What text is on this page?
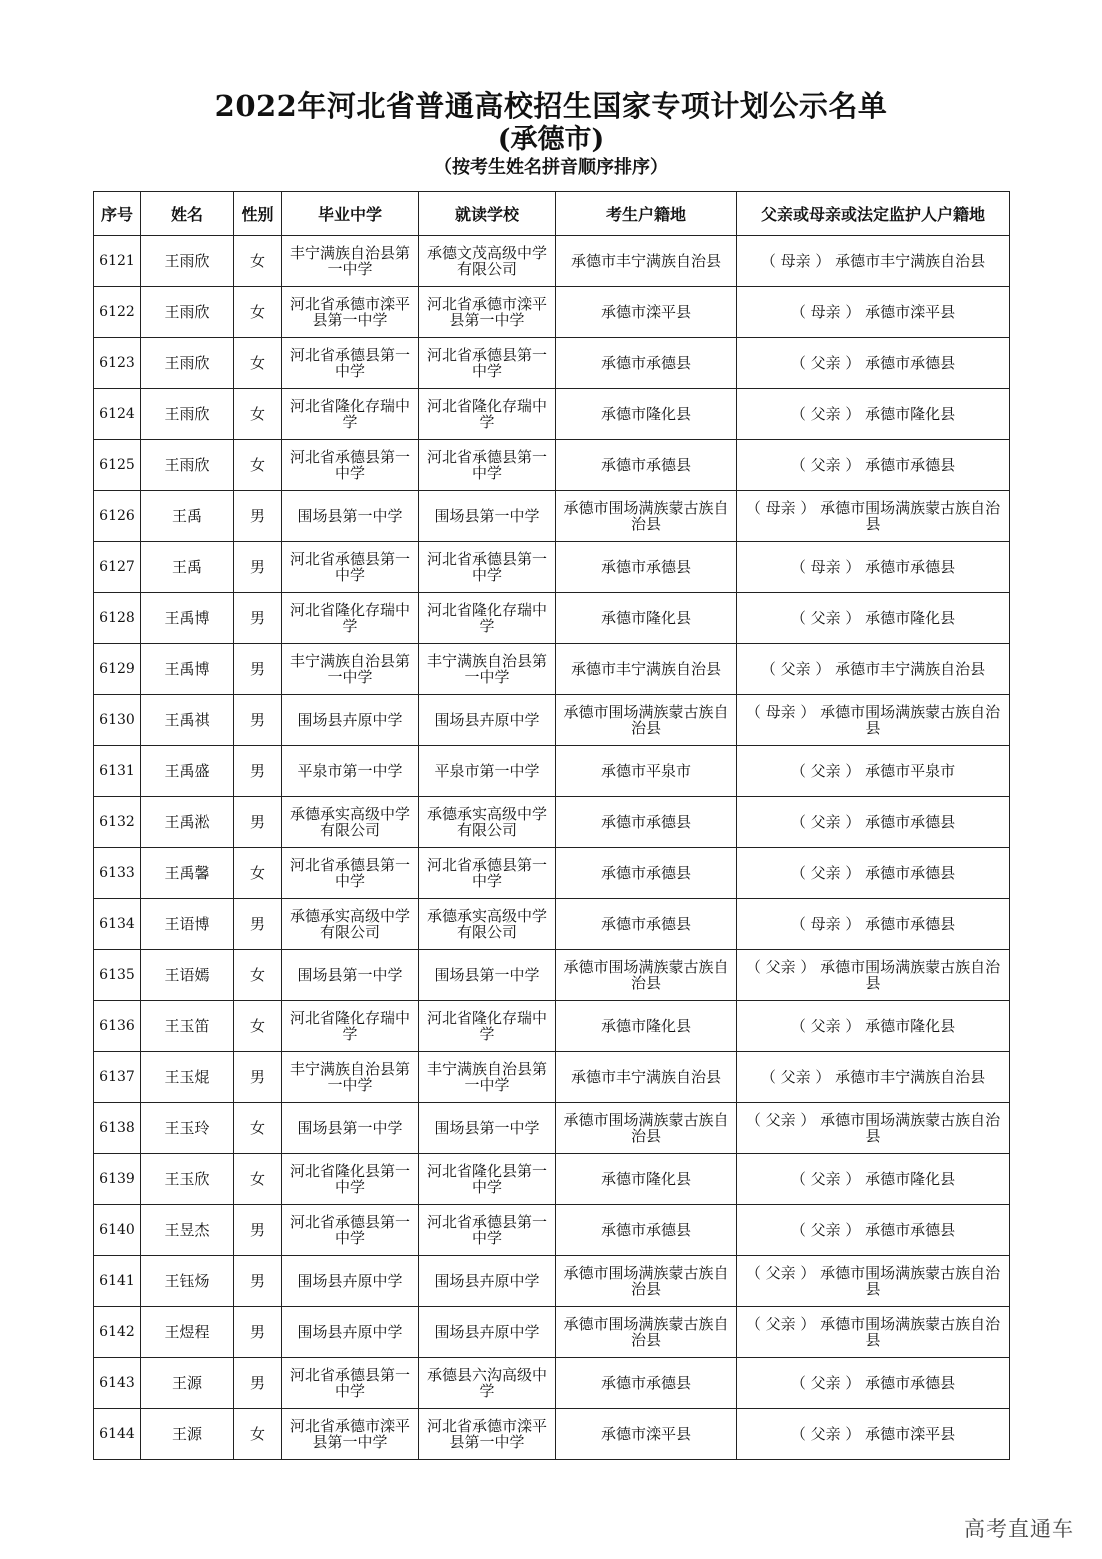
2022年河北省普通高校招生国家专项计划公示名单
(承德市)
（按考生姓名拼音顺序排序）
序号	姓名	性别	毕业中学	就读学校	考生户籍地	父亲或母亲或法定监护人户籍地
6121	王雨欣	女	丰宁满族自治县第一中学	承德文茂高级中学有限公司	承德市丰宁满族自治县	（ 母亲 ） 承德市丰宁满族自治县
6122	王雨欣	女	河北省承德市滦平县第一中学	河北省承德市滦平县第一中学	承德市滦平县	（ 母亲 ） 承德市滦平县
6123	王雨欣	女	河北省承德县第一中学	河北省承德县第一中学	承德市承德县	（ 父亲 ） 承德市承德县
6124	王雨欣	女	河北省隆化存瑞中学	河北省隆化存瑞中学	承德市隆化县	（ 父亲 ） 承德市隆化县
6125	王雨欣	女	河北省承德县第一中学	河北省承德县第一中学	承德市承德县	（ 父亲 ） 承德市承德县
6126	王禹	男	围场县第一中学	围场县第一中学	承德市围场满族蒙古族自治县	（ 母亲 ） 承德市围场满族蒙古族自治县
6127	王禹	男	河北省承德县第一中学	河北省承德县第一中学	承德市承德县	（ 母亲 ） 承德市承德县
6128	王禹博	男	河北省隆化存瑞中学	河北省隆化存瑞中学	承德市隆化县	（ 父亲 ） 承德市隆化县
6129	王禹博	男	丰宁满族自治县第一中学	丰宁满族自治县第一中学	承德市丰宁满族自治县	（ 父亲 ） 承德市丰宁满族自治县
6130	王禹祺	男	围场县卉原中学	围场县卉原中学	承德市围场满族蒙古族自治县	（ 母亲 ） 承德市围场满族蒙古族自治县
6131	王禹盛	男	平泉市第一中学	平泉市第一中学	承德市平泉市	（ 父亲 ） 承德市平泉市
6132	王禹淞	男	承德承实高级中学有限公司	承德承实高级中学有限公司	承德市承德县	（ 父亲 ） 承德市承德县
6133	王禹馨	女	河北省承德县第一中学	河北省承德县第一中学	承德市承德县	（ 父亲 ） 承德市承德县
6134	王语博	男	承德承实高级中学有限公司	承德承实高级中学有限公司	承德市承德县	（ 母亲 ） 承德市承德县
6135	王语嫣	女	围场县第一中学	围场县第一中学	承德市围场满族蒙古族自治县	（ 父亲 ） 承德市围场满族蒙古族自治县
6136	王玉笛	女	河北省隆化存瑞中学	河北省隆化存瑞中学	承德市隆化县	（ 父亲 ） 承德市隆化县
6137	王玉焜	男	丰宁满族自治县第一中学	丰宁满族自治县第一中学	承德市丰宁满族自治县	（ 父亲 ） 承德市丰宁满族自治县
6138	王玉玲	女	围场县第一中学	围场县第一中学	承德市围场满族蒙古族自治县	（ 父亲 ） 承德市围场满族蒙古族自治县
6139	王玉欣	女	河北省隆化县第一中学	河北省隆化县第一中学	承德市隆化县	（ 父亲 ） 承德市隆化县
6140	王昱杰	男	河北省承德县第一中学	河北省承德县第一中学	承德市承德县	（ 父亲 ） 承德市承德县
6141	王钰炀	男	围场县卉原中学	围场县卉原中学	承德市围场满族蒙古族自治县	（ 父亲 ） 承德市围场满族蒙古族自治县
6142	王煜程	男	围场县卉原中学	围场县卉原中学	承德市围场满族蒙古族自治县	（ 父亲 ） 承德市围场满族蒙古族自治县
6143	王源	男	河北省承德县第一中学	承德县六沟高级中学	承德市承德县	（ 父亲 ） 承德市承德县
6144	王源	女	河北省承德市滦平县第一中学	河北省承德市滦平县第一中学	承德市滦平县	（ 父亲 ） 承德市滦平县
高考直通车
